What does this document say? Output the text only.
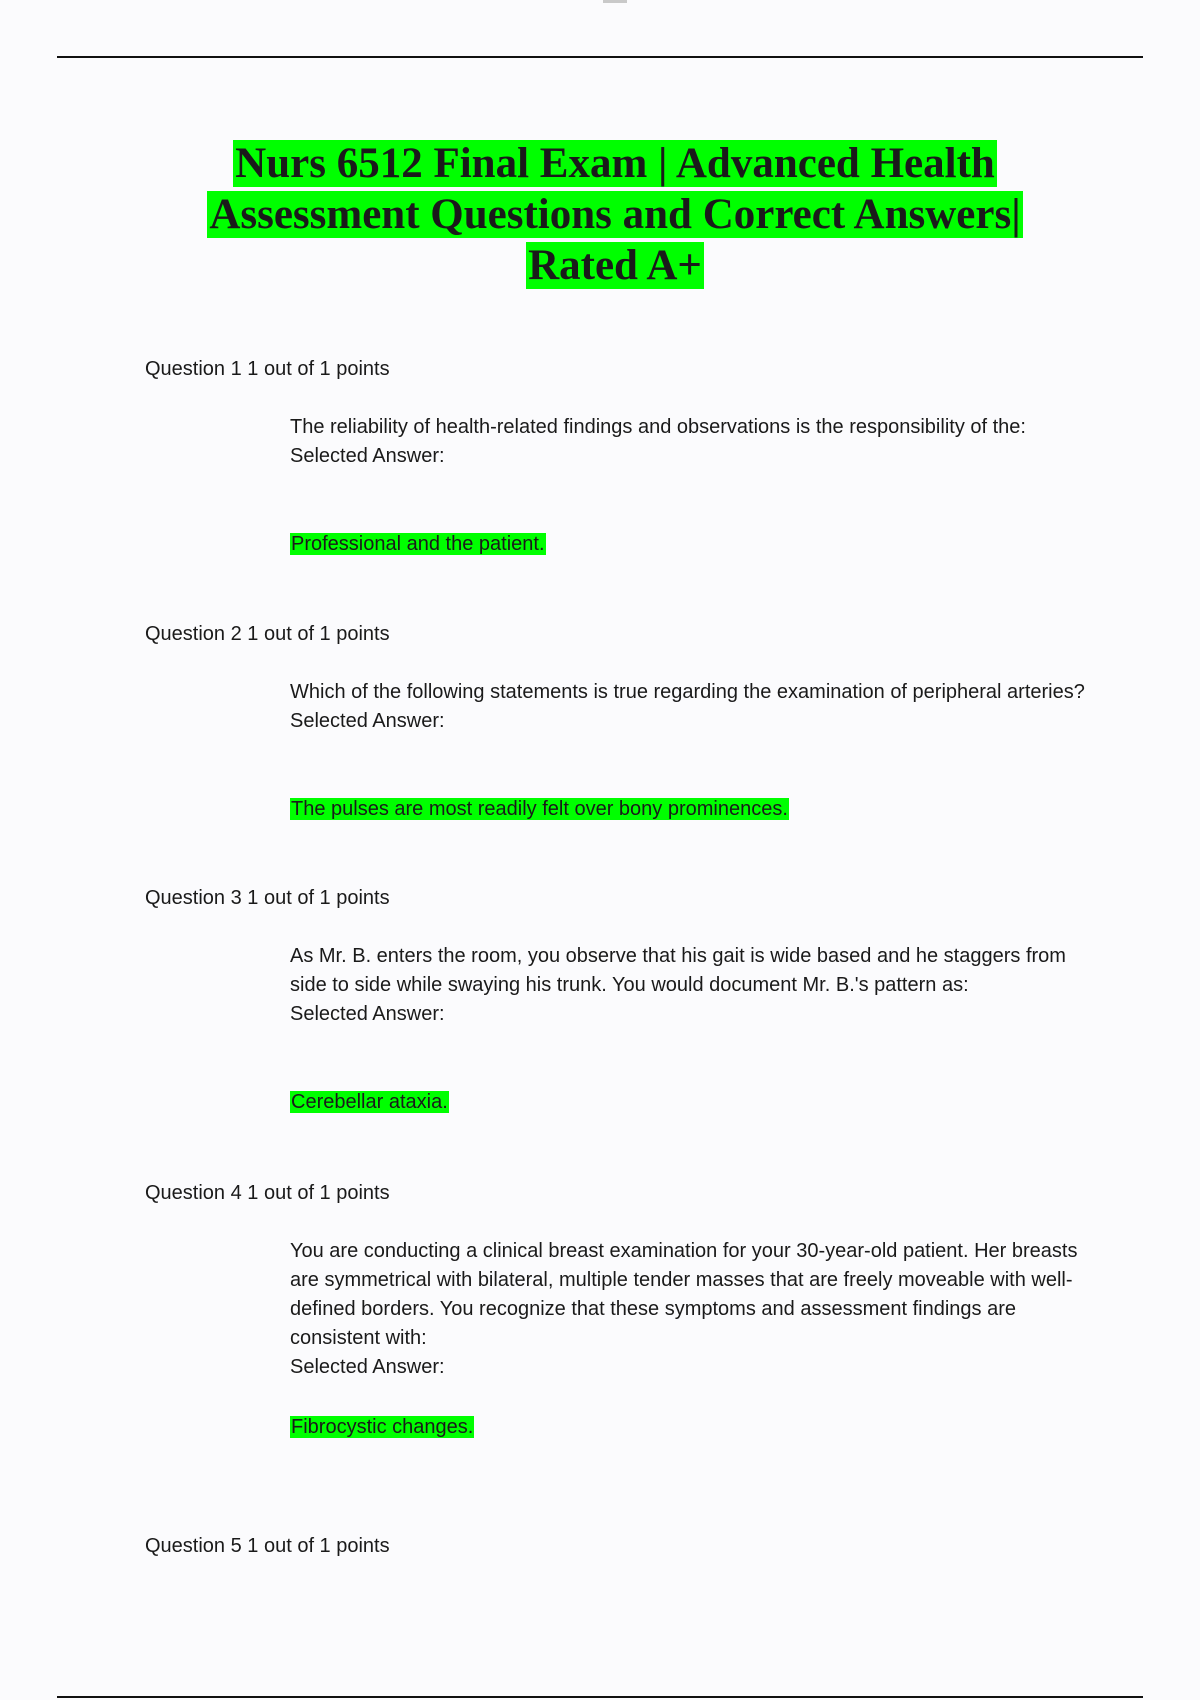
Nurs 6512 Final Exam | Advanced Health
Assessment Questions and Correct Answers|
Rated A+
Question 1 1 out of 1 points
The reliability of health-related findings and observations is the responsibility of the:
Selected Answer:
Professional and the patient.
Question 2 1 out of 1 points
Which of the following statements is true regarding the examination of peripheral arteries?
Selected Answer:
The pulses are most readily felt over bony prominences.
Question 3 1 out of 1 points
As Mr. B. enters the room, you observe that his gait is wide based and he staggers from side to side while swaying his trunk. You would document Mr. B.'s pattern as:
Selected Answer:
Cerebellar ataxia.
Question 4 1 out of 1 points
You are conducting a clinical breast examination for your 30-year-old patient. Her breasts are symmetrical with bilateral, multiple tender masses that are freely moveable with well-defined borders. You recognize that these symptoms and assessment findings are consistent with:
Selected Answer:
Fibrocystic changes.
Question 5 1 out of 1 points
